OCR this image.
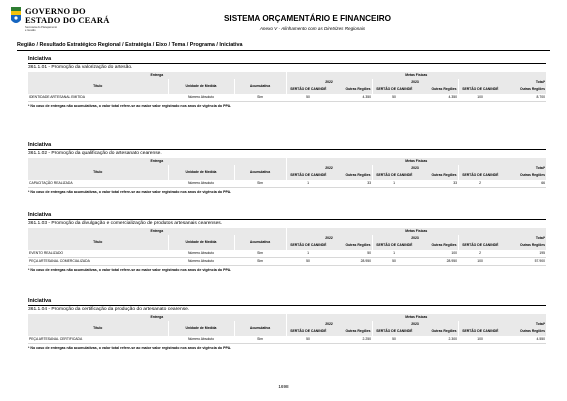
GOVERNO DO
ESTADO DO CEARÁ
Secretaria do Planejamento
e Gestão
SISTEMA ORÇAMENTÁRIO E FINANCEIRO
Anexo V - Alinhamento com as Diretrizes Regionais
Região / Resultado Estratégico Regional / Estratégia / Eixo / Tema / Programa / Iniciativa
Iniciativa
361.1.01 - Promoção da valorização do artesão.
Entrega			Metas Físicas					
Título	Unidade de Medida	Acumulativa	2022		2023		Total*	
			SERTÃO DE CANINDÉ	Outras Regiões	SERTÃO DE CANINDÉ	Outras Regiões	SERTÃO DE CANINDÉ	Outras Regiões
IDENTIDADE ARTESANAL EMITIDA	Número Absoluto	Sim	50	4.350	50	4.350	100	8.700
* No caso de entregas não acumulativas, o valor total refere-se ao maior valor registrado nos anos de vigência do PPA.
Iniciativa
361.1.02 - Promoção da qualificação do artesanato cearense.
Entrega			Metas Físicas					
Título	Unidade de Medida	Acumulativa	2022		2023		Total*	
			SERTÃO DE CANINDÉ	Outras Regiões	SERTÃO DE CANINDÉ	Outras Regiões	SERTÃO DE CANINDÉ	Outras Regiões
CAPACITAÇÃO REALIZADA	Número Absoluto	Sim	1	33	1	33	2	66
* No caso de entregas não acumulativas, o valor total refere-se ao maior valor registrado nos anos de vigência do PPA.
Iniciativa
361.1.03 - Promoção da divulgação e comercialização de produtos artesanais cearenses.
Entrega			Metas Físicas					
Título	Unidade de Medida	Acumulativa	2022		2023		Total*	
			SERTÃO DE CANINDÉ	Outras Regiões	SERTÃO DE CANINDÉ	Outras Regiões	SERTÃO DE CANINDÉ	Outras Regiões
EVENTO REALIZADO	Número Absoluto	Sim	1	50	1	100	2	195
PEÇA ARTESANAL COMERCIALIZADA	Número Absoluto	Sim	50	28.950	50	28.950	100	57.900
* No caso de entregas não acumulativas, o valor total refere-se ao maior valor registrado nos anos de vigência do PPA.
Iniciativa
361.1.04 - Promoção da certificação da produção do artesanato cearense.
Entrega			Metas Físicas					
Título	Unidade de Medida	Acumulativa	2022		2023		Total*	
			SERTÃO DE CANINDÉ	Outras Regiões	SERTÃO DE CANINDÉ	Outras Regiões	SERTÃO DE CANINDÉ	Outras Regiões
PEÇA ARTESANAL CERTIFICADA	Número Absoluto	Sim	50	2.250	50	2.300	100	4.550
* No caso de entregas não acumulativas, o valor total refere-se ao maior valor registrado nos anos de vigência do PPA.
1698
